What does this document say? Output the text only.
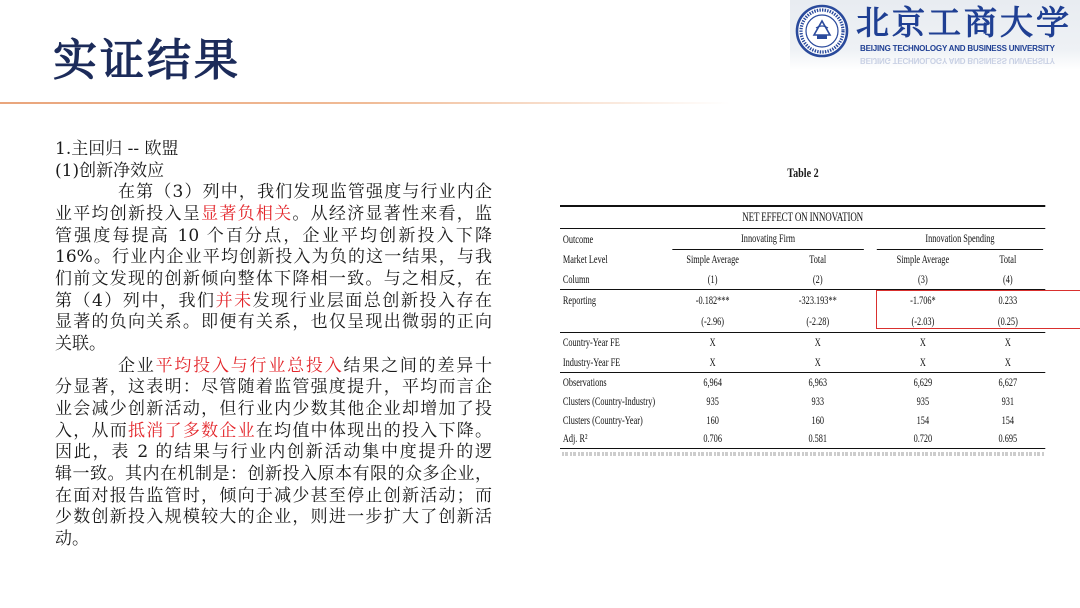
实证结果
北京工商大学
BEIJING TECHNOLOGY AND BUSINESS UNIVERSITY
BEIJING TECHNOLOGY AND BUSINESS UNIVERSITY
1.主回归 -- 欧盟
(1)创新净效应
在第（3）列中，我们发现监管强度与行业内企
业平均创新投入呈显著负相关。从经济显著性来看，监
管强度每提高 10 个百分点，企业平均创新投入下降
16%。行业内企业平均创新投入为负的这一结果，与我
们前文发现的创新倾向整体下降相一致。与之相反，在
第（4）列中，我们并未发现行业层面总创新投入存在
显著的负向关系。即便有关系，也仅呈现出微弱的正向
关联。
企业平均投入与行业总投入结果之间的差异十
分显著，这表明：尽管随着监管强度提升，平均而言企
业会减少创新活动，但行业内少数其他企业却增加了投
入，从而抵消了多数企业在均值中体现出的投入下降。
因此，表 2 的结果与行业内创新活动集中度提升的逻
辑一致。其内在机制是：创新投入原本有限的众多企业，
在面对报告监管时，倾向于减少甚至停止创新活动；而
少数创新投入规模较大的企业，则进一步扩大了创新活
动。
Table 2
NET EFFECT ON INNOVATION
Outcome	Innovating Firm	Innovation Spending
Market Level	Simple Average	Total	Simple Average	Total
Column	(1)	(2)	(3)	(4)
Reporting	-0.182***	-323.193**	-1.706*	0.233
(-2.96)	(-2.28)	(-2.03)	(0.25)
Country-Year FE	X	X	X	X
Industry-Year FE	X	X	X	X
Observations	6,964	6,963	6,629	6,627
Clusters (Country-Industry)	935	933	935	931
Clusters (Country-Year)	160	160	154	154
Adj. R²	0.706	0.581	0.720	0.695
